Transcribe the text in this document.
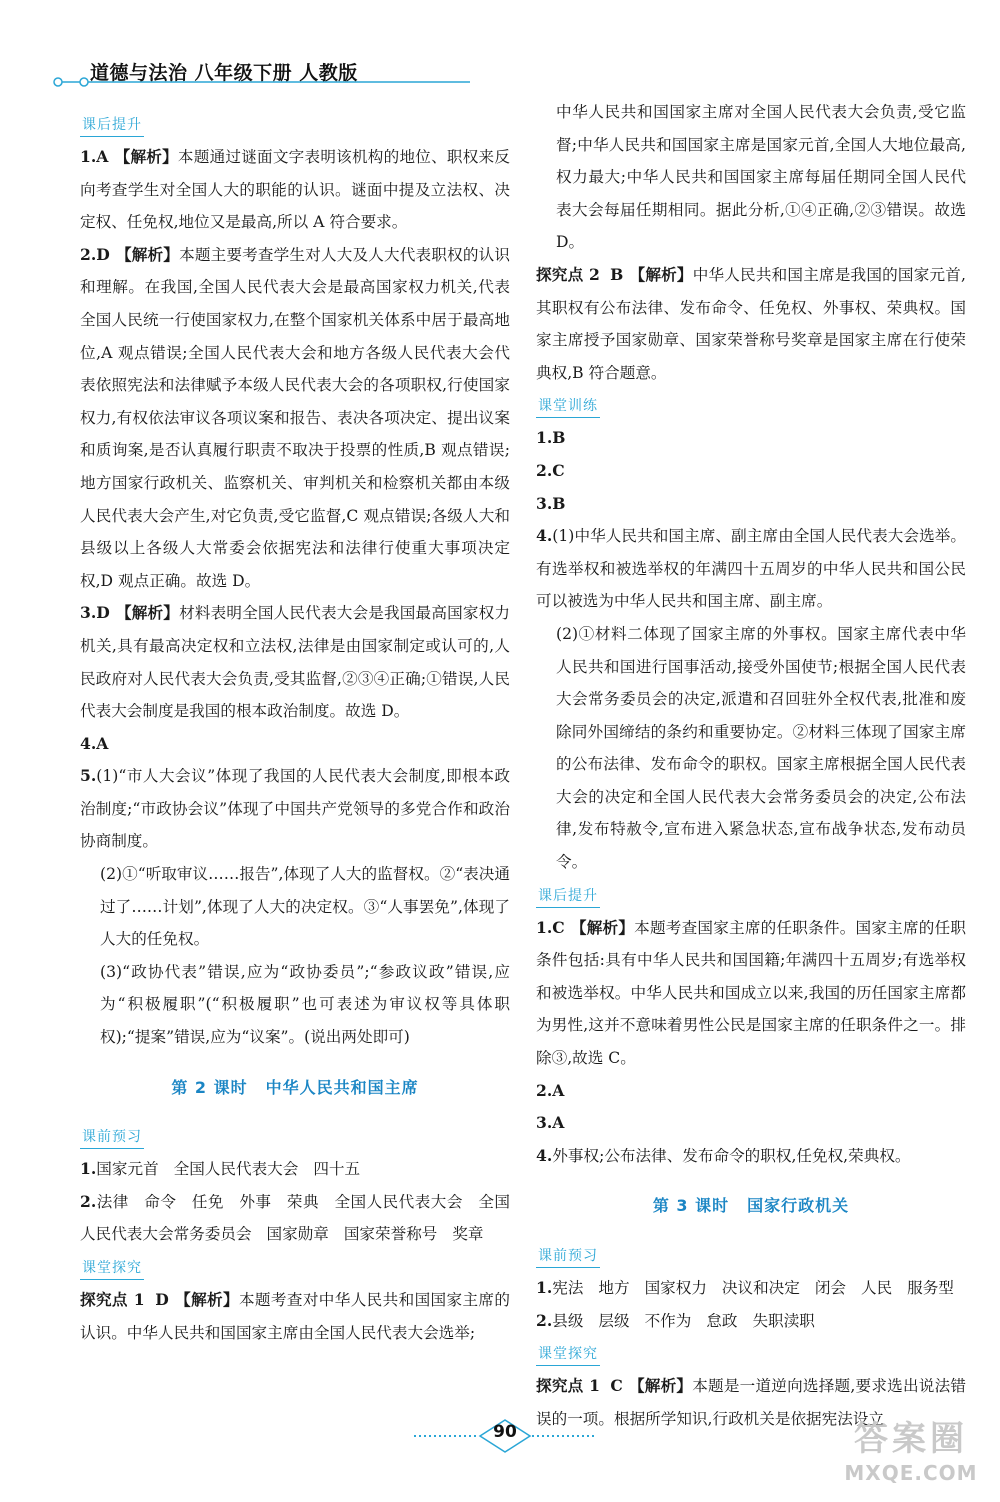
道德与法治 八年级下册 人教版
课后提升

1.A 【解析】本题通过谜面文字表明该机构的地位、职权来反向考查学生对全国人大的职能的认识。谜面中提及立法权、决定权、任免权,地位又是最高,所以 A 符合要求。

2.D 【解析】本题主要考查学生对人大及人大代表职权的认识和理解。在我国,全国人民代表大会是最高国家权力机关,代表全国人民统一行使国家权力,在整个国家机关体系中居于最高地位,A 观点错误;全国人民代表大会和地方各级人民代表大会代表依照宪法和法律赋予本级人民代表大会的各项职权,行使国家权力,有权依法审议各项议案和报告、表决各项决定、提出议案和质询案,是否认真履行职责不取决于投票的性质,B 观点错误;地方国家行政机关、监察机关、审判机关和检察机关都由本级人民代表大会产生,对它负责,受它监督,C 观点错误;各级人大和县级以上各级人大常委会依据宪法和法律行使重大事项决定权,D 观点正确。故选 D。

3.D 【解析】材料表明全国人民代表大会是我国最高国家权力机关,具有最高决定权和立法权,法律是由国家制定或认可的,人民政府对人民代表大会负责,受其监督,②③④正确;①错误,人民代表大会制度是我国的根本政治制度。故选 D。

4.A

5.(1)“市人大会议”体现了我国的人民代表大会制度,即根本政治制度;“市政协会议”体现了中国共产党领导的多党合作和政治协商制度。

(2)①“听取审议……报告”,体现了人大的监督权。②“表决通过了……计划”,体现了人大的决定权。③“人事罢免”,体现了人大的任免权。

(3)“政协代表”错误,应为“政协委员”;“参政议政”错误,应为“积极履职”(“积极履职”也可表述为审议权等具体职权);“提案”错误,应为“议案”。(说出两处即可)

第 2 课时 中华人民共和国主席
课前预习

1.国家元首 全国人民代表大会 四十五

2.法律 命令 任免 外事 荣典 全国人民代表大会 全国人民代表大会常务委员会 国家勋章 国家荣誉称号 奖章

课堂探究

探究点 1 D 【解析】本题考查对中华人民共和国国家主席的认识。中华人民共和国国家主席由全国人民代表大会选举;

中华人民共和国国家主席对全国人民代表大会负责,受它监督;中华人民共和国国家主席是国家元首,全国人大地位最高,权力最大;中华人民共和国国家主席每届任期同全国人民代表大会每届任期相同。据此分析,①④正确,②③错误。故选 D。

探究点 2 B 【解析】中华人民共和国主席是我国的国家元首,其职权有公布法律、发布命令、任免权、外事权、荣典权。国家主席授予国家勋章、国家荣誉称号奖章是国家主席在行使荣典权,B 符合题意。

课堂训练

1.B

2.C

3.B

4.(1)中华人民共和国主席、副主席由全国人民代表大会选举。有选举权和被选举权的年满四十五周岁的中华人民共和国公民可以被选为中华人民共和国主席、副主席。

(2)①材料二体现了国家主席的外事权。国家主席代表中华人民共和国进行国事活动,接受外国使节;根据全国人民代表大会常务委员会的决定,派遣和召回驻外全权代表,批准和废除同外国缔结的条约和重要协定。②材料三体现了国家主席的公布法律、发布命令的职权。国家主席根据全国人民代表大会的决定和全国人民代表大会常务委员会的决定,公布法律,发布特赦令,宣布进入紧急状态,宣布战争状态,发布动员令。

课后提升

1.C 【解析】本题考查国家主席的任职条件。国家主席的任职条件包括:具有中华人民共和国国籍;年满四十五周岁;有选举权和被选举权。中华人民共和国成立以来,我国的历任国家主席都为男性,这并不意味着男性公民是国家主席的任职条件之一。排除③,故选 C。

2.A

3.A

4.外事权;公布法律、发布命令的职权,任免权,荣典权。

第 3 课时 国家行政机关
课前预习

1.宪法 地方 国家权力 决议和决定 闭会 人民 服务型

2.县级 层级 不作为 怠政 失职渎职

课堂探究

探究点 1 C 【解析】本题是一道逆向选择题,要求选出说法错误的一项。根据所学知识,行政机关是依据宪法设立

90	答案圈
MXQE.COM
